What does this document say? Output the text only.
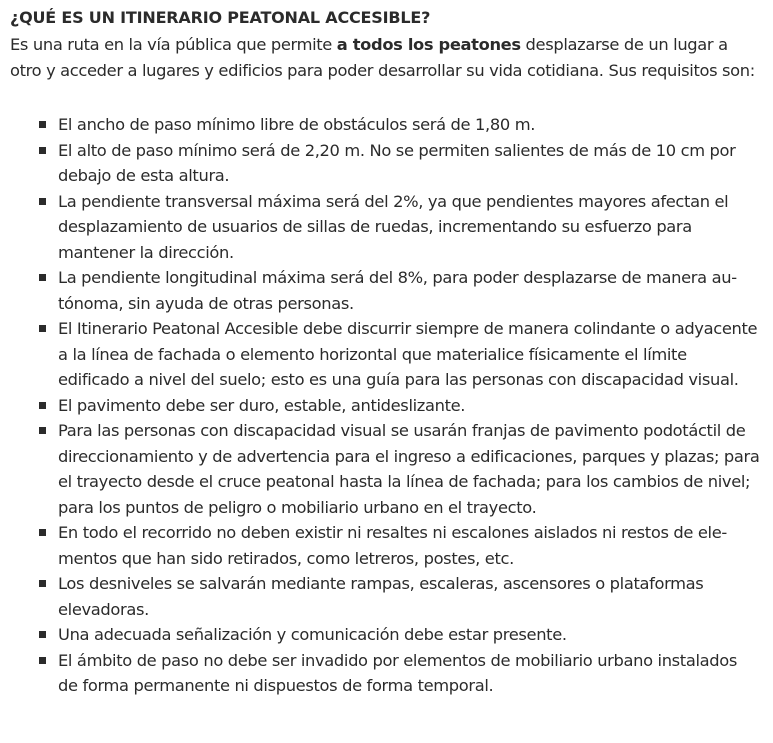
¿QUÉ ES UN ITINERARIO PEATONAL ACCESIBLE?

Es una ruta en la vía pública que permite a todos los peatones desplazarse de un lugar a otro y acceder a lugares y edificios para poder desarrollar su vida cotidiana. Sus requisitos son:

El ancho de paso mínimo libre de obstáculos será de 1,80 m.
El alto de paso mínimo será de 2,20 m. No se permiten salientes de más de 10 cm por debajo de esta altura.
La pendiente transversal máxima será del 2%, ya que pendientes mayores afectan el desplazamiento de usuarios de sillas de ruedas, incrementando su esfuerzo para mantener la dirección.
La pendiente longitudinal máxima será del 8%, para poder desplazarse de manera autónoma, sin ayuda de otras personas.
El Itinerario Peatonal Accesible debe discurrir siempre de manera colindante o adyacente a la línea de fachada o elemento horizontal que materialice físicamente el límite edificado a nivel del suelo; esto es una guía para las personas con discapacidad visual.
El pavimento debe ser duro, estable, antideslizante.
Para las personas con discapacidad visual se usarán franjas de pavimento podotáctil de direccionamiento y de advertencia para el ingreso a edificaciones, parques y plazas; para el trayecto desde el cruce peatonal hasta la línea de fachada; para los cambios de nivel; para los puntos de peligro o mobiliario urbano en el trayecto.
En todo el recorrido no deben existir ni resaltes ni escalones aislados ni restos de elementos que han sido retirados, como letreros, postes, etc.
Los desniveles se salvarán mediante rampas, escaleras, ascensores o plataformas elevadoras.
Una adecuada señalización y comunicación debe estar presente.
El ámbito de paso no debe ser invadido por elementos de mobiliario urbano instalados de forma permanente ni dispuestos de forma temporal.
